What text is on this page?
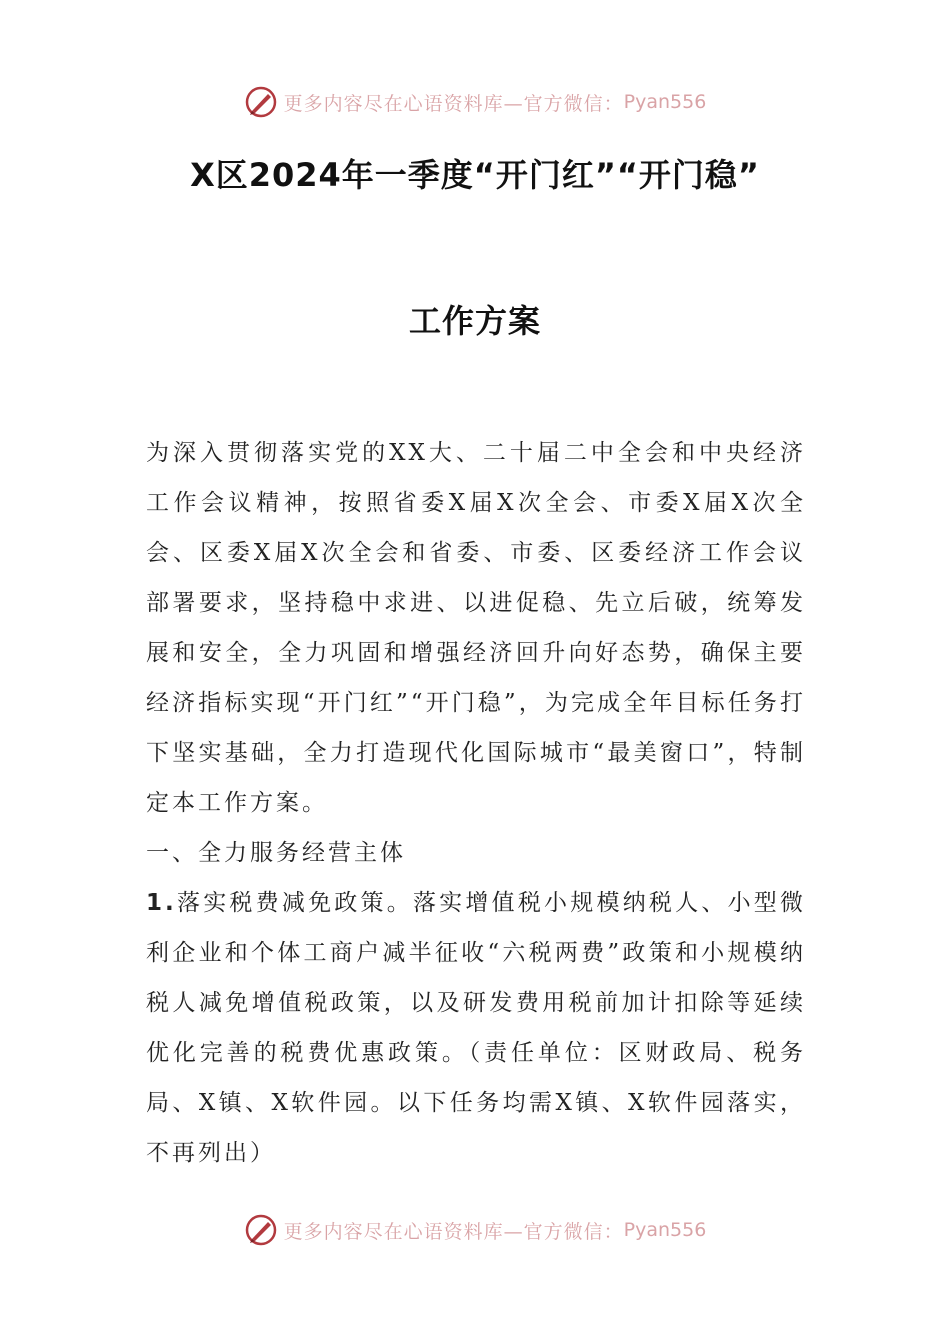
更多内容尽在心语资料库—官方微信： Pyan556
X区2024年一季度“开门红”“开门稳”
工作方案

为深入贯彻落实党的XX大、二十届二中全会和中央经济工作会议精神，按照省委X届X次全会、市委X届X次全会、区委X届X次全会和省委、市委、区委经济工作会议部署要求，坚持稳中求进、以进促稳、先立后破，统筹发展和安全，全力巩固和增强经济回升向好态势，确保主要经济指标实现“开门红”“开门稳”，为完成全年目标任务打下坚实基础，全力打造现代化国际城市“最美窗口”，特制定本工作方案。

一、全力服务经营主体

1.落实税费减免政策。落实增值税小规模纳税人、小型微利企业和个体工商户减半征收“六税两费”政策和小规模纳税人减免增值税政策，以及研发费用税前加计扣除等延续优化完善的税费优惠政策。（责任单位：区财政局、税务局、X镇、X软件园。以下任务均需X镇、X软件园落实，不再列出）

更多内容尽在心语资料库—官方微信： Pyan556
